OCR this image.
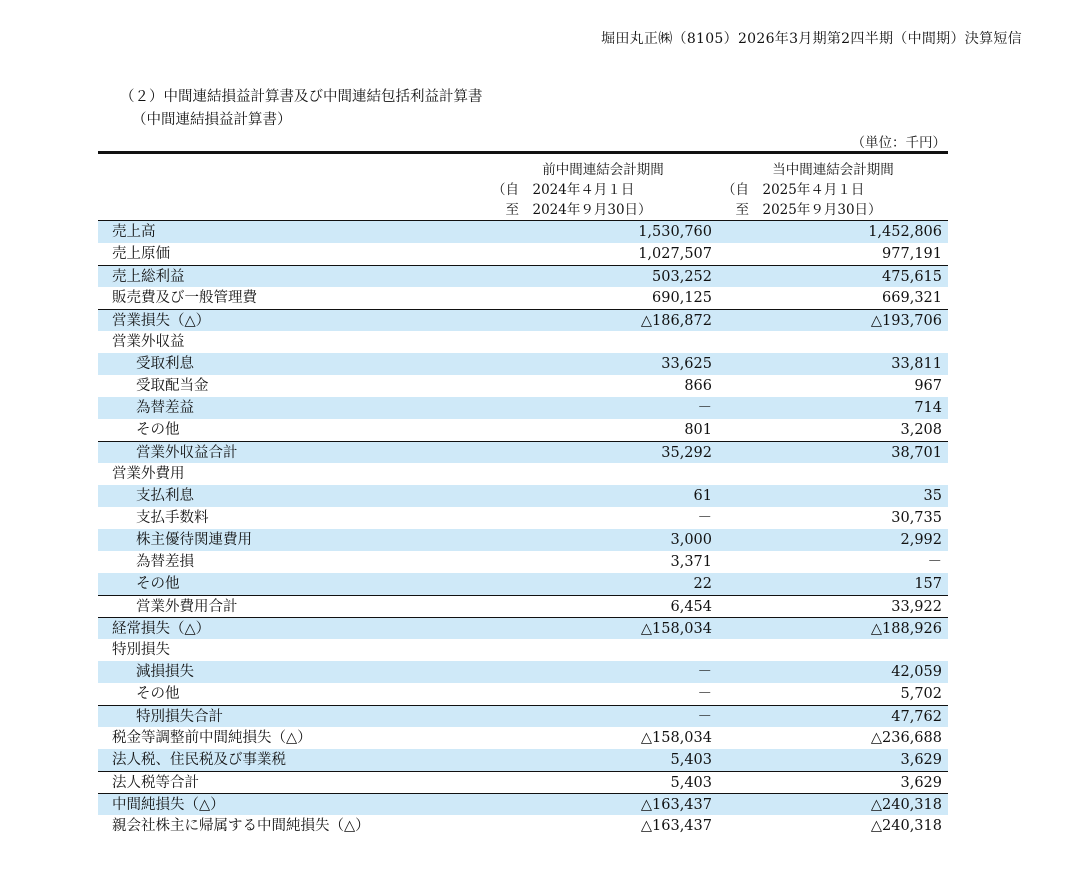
堀田丸正㈱（8105）2026年3月期第2四半期（中間期）決算短信
（２）中間連結損益計算書及び中間連結包括利益計算書
（中間連結損益計算書）
（単位：千円）
前中間連結会計期間
（自　2024年４月１日
　至　2024年９月30日）
当中間連結会計期間
（自　2025年４月１日
　至　2025年９月30日）
売上高	1,530,760	1,452,806
売上原価	1,027,507	977,191
売上総利益	503,252	475,615
販売費及び一般管理費	690,125	669,321
営業損失（△）	△186,872	△193,706
営業外収益
受取利息	33,625	33,811
受取配当金	866	967
為替差益	－	714
その他	801	3,208
営業外収益合計	35,292	38,701
営業外費用
支払利息	61	35
支払手数料	－	30,735
株主優待関連費用	3,000	2,992
為替差損	3,371	－
その他	22	157
営業外費用合計	6,454	33,922
経常損失（△）	△158,034	△188,926
特別損失
減損損失	－	42,059
その他	－	5,702
特別損失合計	－	47,762
税金等調整前中間純損失（△）	△158,034	△236,688
法人税、住民税及び事業税	5,403	3,629
法人税等合計	5,403	3,629
中間純損失（△）	△163,437	△240,318
親会社株主に帰属する中間純損失（△）	△163,437	△240,318
